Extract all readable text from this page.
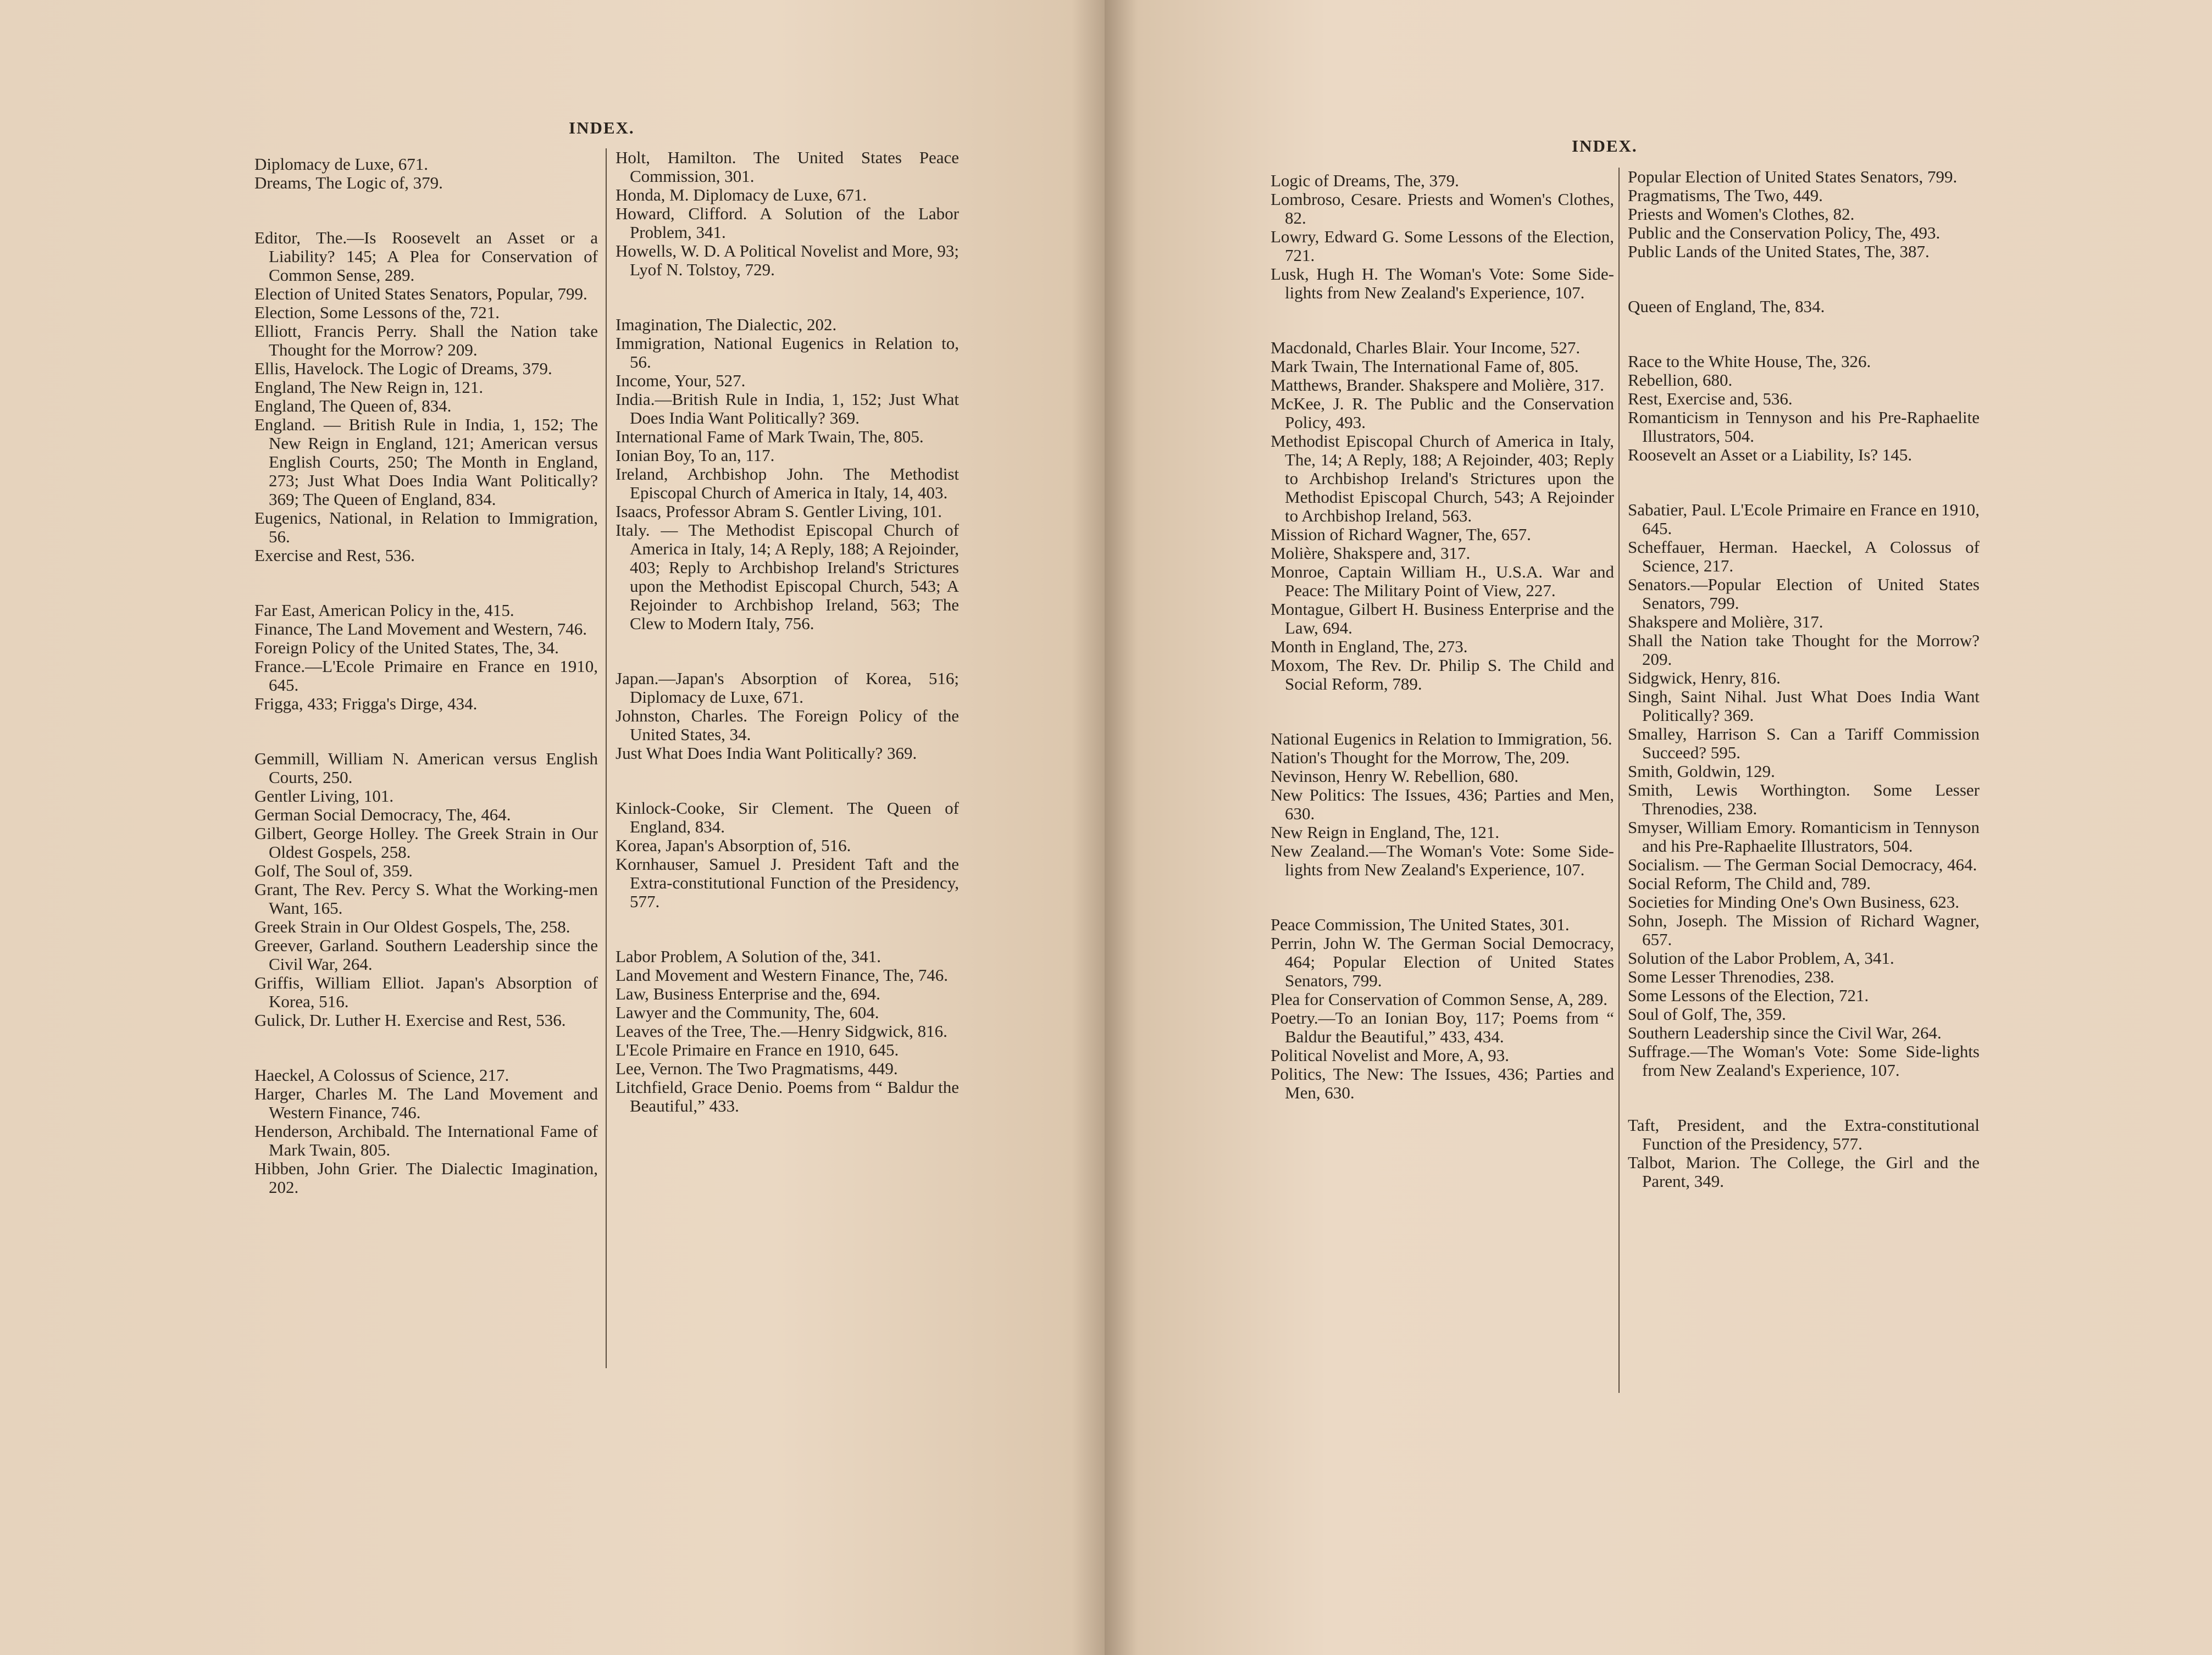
INDEX.
Diplomacy de Luxe, 671.
Dreams, The Logic of, 379.
Editor, The.—Is Roosevelt an Asset or a Liability? 145; A Plea for Conservation of Common Sense, 289.
Election of United States Senators, Popular, 799.
Election, Some Lessons of the, 721.
Elliott, Francis Perry. Shall the Nation take Thought for the Morrow? 209.
Ellis, Havelock. The Logic of Dreams, 379.
England, The New Reign in, 121.
England, The Queen of, 834.
England. — British Rule in India, 1, 152; The New Reign in England, 121; American versus English Courts, 250; The Month in England, 273; Just What Does India Want Politically? 369; The Queen of England, 834.
Eugenics, National, in Relation to Immigration, 56.
Exercise and Rest, 536.
Far East, American Policy in the, 415.
Finance, The Land Movement and Western, 746.
Foreign Policy of the United States, The, 34.
France.—L'Ecole Primaire en France en 1910, 645.
Frigga, 433; Frigga's Dirge, 434.
Gemmill, William N. American versus English Courts, 250.
Gentler Living, 101.
German Social Democracy, The, 464.
Gilbert, George Holley. The Greek Strain in Our Oldest Gospels, 258.
Golf, The Soul of, 359.
Grant, The Rev. Percy S. What the Working-men Want, 165.
Greek Strain in Our Oldest Gospels, The, 258.
Greever, Garland. Southern Leadership since the Civil War, 264.
Griffis, William Elliot. Japan's Absorption of Korea, 516.
Gulick, Dr. Luther H. Exercise and Rest, 536.
Haeckel, A Colossus of Science, 217.
Harger, Charles M. The Land Movement and Western Finance, 746.
Henderson, Archibald. The International Fame of Mark Twain, 805.
Hibben, John Grier. The Dialectic Imagination, 202.
Holt, Hamilton. The United States Peace Commission, 301.
Honda, M. Diplomacy de Luxe, 671.
Howard, Clifford. A Solution of the Labor Problem, 341.
Howells, W. D. A Political Novelist and More, 93; Lyof N. Tolstoy, 729.
Imagination, The Dialectic, 202.
Immigration, National Eugenics in Relation to, 56.
Income, Your, 527.
India.—British Rule in India, 1, 152; Just What Does India Want Politically? 369.
International Fame of Mark Twain, The, 805.
Ionian Boy, To an, 117.
Ireland, Archbishop John. The Methodist Episcopal Church of America in Italy, 14, 403.
Isaacs, Professor Abram S. Gentler Living, 101.
Italy. — The Methodist Episcopal Church of America in Italy, 14; A Reply, 188; A Rejoinder, 403; Reply to Archbishop Ireland's Strictures upon the Methodist Episcopal Church, 543; A Rejoinder to Archbishop Ireland, 563; The Clew to Modern Italy, 756.
Japan.—Japan's Absorption of Korea, 516; Diplomacy de Luxe, 671.
Johnston, Charles. The Foreign Policy of the United States, 34.
Just What Does India Want Politically? 369.
Kinlock-Cooke, Sir Clement. The Queen of England, 834.
Korea, Japan's Absorption of, 516.
Kornhauser, Samuel J. President Taft and the Extra-constitutional Function of the Presidency, 577.
Labor Problem, A Solution of the, 341.
Land Movement and Western Finance, The, 746.
Law, Business Enterprise and the, 694.
Lawyer and the Community, The, 604.
Leaves of the Tree, The.—Henry Sidgwick, 816.
L'Ecole Primaire en France en 1910, 645.
Lee, Vernon. The Two Pragmatisms, 449.
Litchfield, Grace Denio. Poems from “ Baldur the Beautiful,” 433.
INDEX.
Logic of Dreams, The, 379.
Lombroso, Cesare. Priests and Women's Clothes, 82.
Lowry, Edward G. Some Lessons of the Election, 721.
Lusk, Hugh H. The Woman's Vote: Some Side-lights from New Zealand's Experience, 107.
Macdonald, Charles Blair. Your Income, 527.
Mark Twain, The International Fame of, 805.
Matthews, Brander. Shakspere and Molière, 317.
McKee, J. R. The Public and the Conservation Policy, 493.
Methodist Episcopal Church of America in Italy, The, 14; A Reply, 188; A Rejoinder, 403; Reply to Archbishop Ireland's Strictures upon the Methodist Episcopal Church, 543; A Rejoinder to Archbishop Ireland, 563.
Mission of Richard Wagner, The, 657.
Molière, Shakspere and, 317.
Monroe, Captain William H., U.S.A. War and Peace: The Military Point of View, 227.
Montague, Gilbert H. Business Enterprise and the Law, 694.
Month in England, The, 273.
Moxom, The Rev. Dr. Philip S. The Child and Social Reform, 789.
National Eugenics in Relation to Immigration, 56.
Nation's Thought for the Morrow, The, 209.
Nevinson, Henry W. Rebellion, 680.
New Politics: The Issues, 436; Parties and Men, 630.
New Reign in England, The, 121.
New Zealand.—The Woman's Vote: Some Side-lights from New Zealand's Experience, 107.
Peace Commission, The United States, 301.
Perrin, John W. The German Social Democracy, 464; Popular Election of United States Senators, 799.
Plea for Conservation of Common Sense, A, 289.
Poetry.—To an Ionian Boy, 117; Poems from “ Baldur the Beautiful,” 433, 434.
Political Novelist and More, A, 93.
Politics, The New: The Issues, 436; Parties and Men, 630.
Popular Election of United States Senators, 799.
Pragmatisms, The Two, 449.
Priests and Women's Clothes, 82.
Public and the Conservation Policy, The, 493.
Public Lands of the United States, The, 387.
Queen of England, The, 834.
Race to the White House, The, 326.
Rebellion, 680.
Rest, Exercise and, 536.
Romanticism in Tennyson and his Pre-Raphaelite Illustrators, 504.
Roosevelt an Asset or a Liability, Is? 145.
Sabatier, Paul. L'Ecole Primaire en France en 1910, 645.
Scheffauer, Herman. Haeckel, A Colossus of Science, 217.
Senators.—Popular Election of United States Senators, 799.
Shakspere and Molière, 317.
Shall the Nation take Thought for the Morrow? 209.
Sidgwick, Henry, 816.
Singh, Saint Nihal. Just What Does India Want Politically? 369.
Smalley, Harrison S. Can a Tariff Commission Succeed? 595.
Smith, Goldwin, 129.
Smith, Lewis Worthington. Some Lesser Threnodies, 238.
Smyser, William Emory. Romanticism in Tennyson and his Pre-Raphaelite Illustrators, 504.
Socialism. — The German Social Democracy, 464.
Social Reform, The Child and, 789.
Societies for Minding One's Own Business, 623.
Sohn, Joseph. The Mission of Richard Wagner, 657.
Solution of the Labor Problem, A, 341.
Some Lesser Threnodies, 238.
Some Lessons of the Election, 721.
Soul of Golf, The, 359.
Southern Leadership since the Civil War, 264.
Suffrage.—The Woman's Vote: Some Side-lights from New Zealand's Experience, 107.
Taft, President, and the Extra-constitutional Function of the Presidency, 577.
Talbot, Marion. The College, the Girl and the Parent, 349.
